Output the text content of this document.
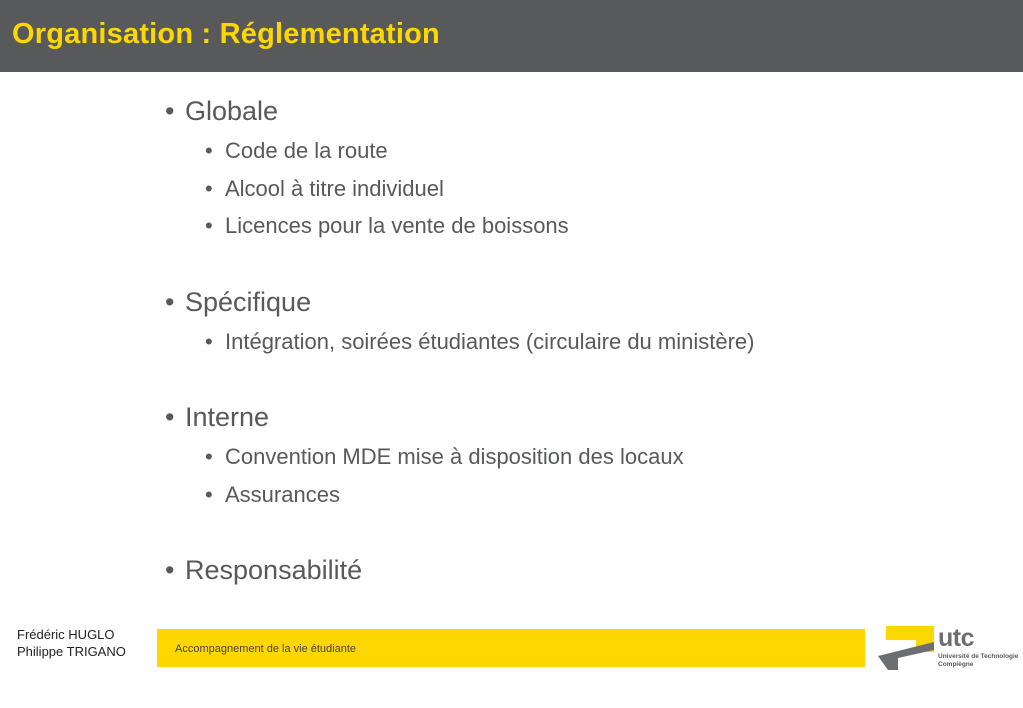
Organisation : Réglementation
• Globale
• Code de la route
• Alcool à titre individuel
• Licences pour la vente de boissons
• Spécifique
• Intégration, soirées étudiantes (circulaire du ministère)
• Interne
• Convention MDE mise à disposition des locaux
• Assurances
• Responsabilité
Frédéric HUGLO
Philippe TRIGANO	Accompagnement de la vie étudiante	utc
Université de Technologie
Compiègne
